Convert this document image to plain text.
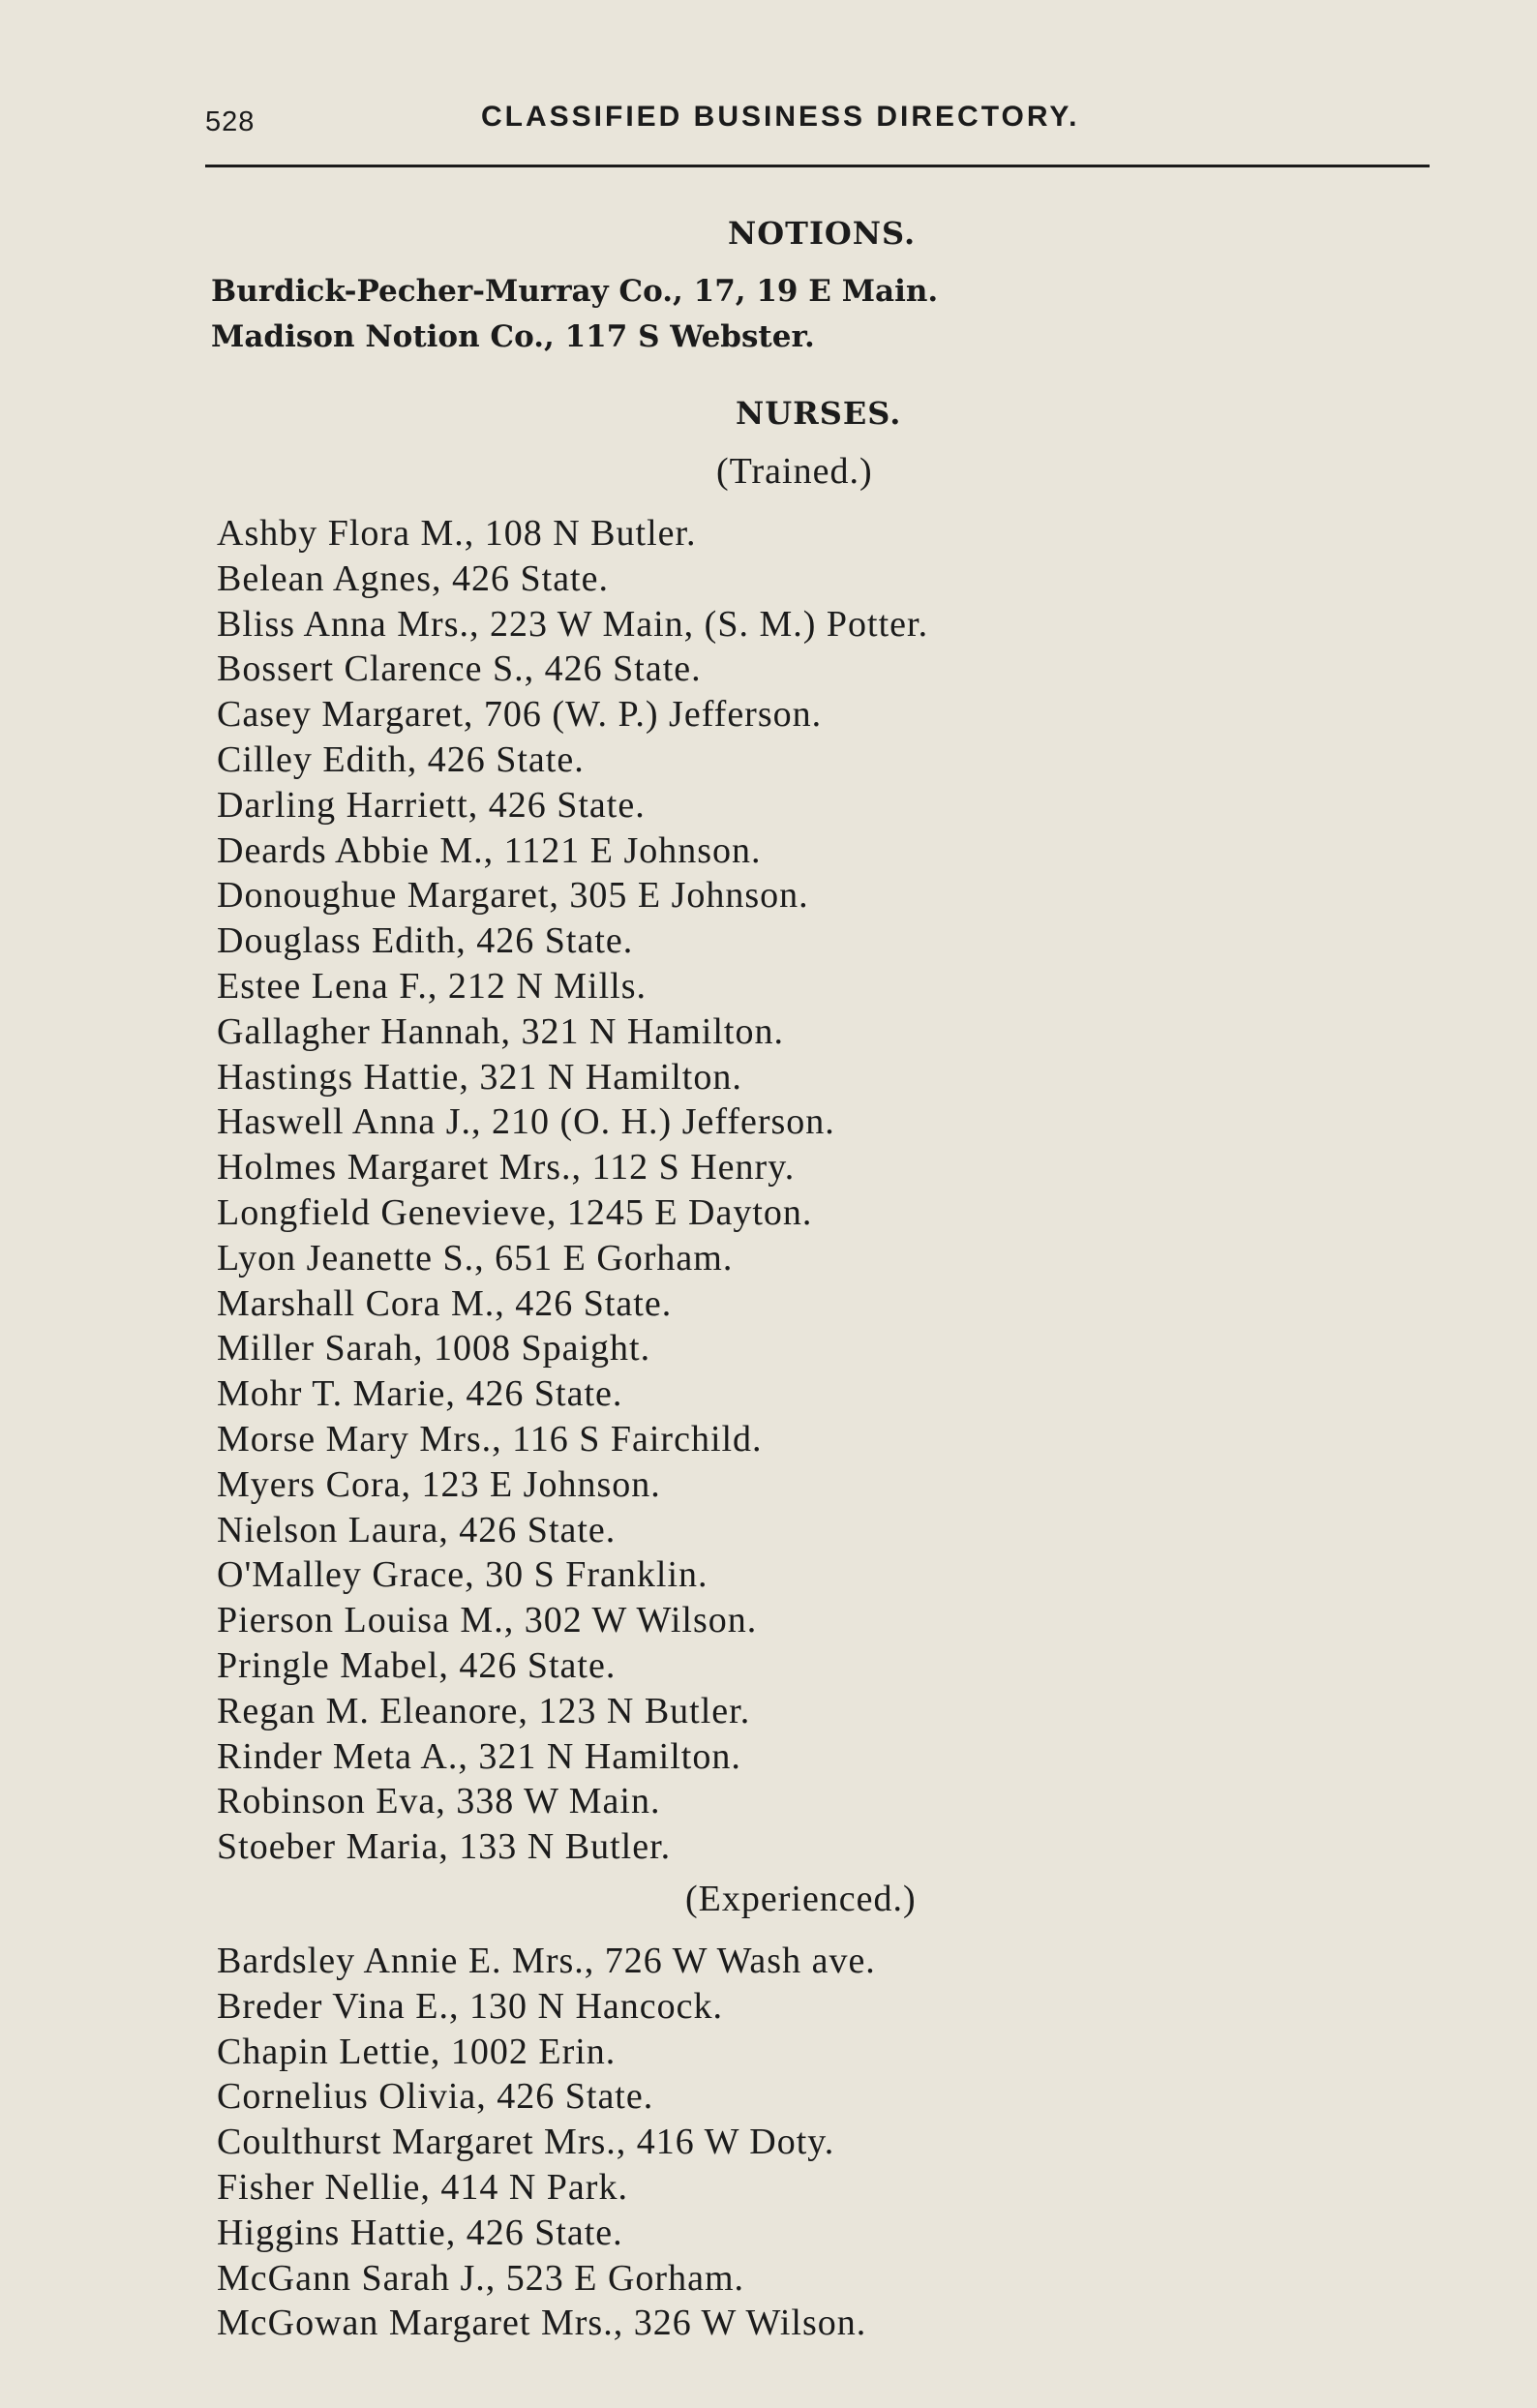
528	CLASSIFIED BUSINESS DIRECTORY.
NOTIONS.
Burdick-Pecher-Murray Co., 17, 19 E Main.
Madison Notion Co., 117 S Webster.
NURSES.
(Trained.)
Ashby Flora M., 108 N Butler.
Belean Agnes, 426 State.
Bliss Anna Mrs., 223 W Main, (S. M.) Potter.
Bossert Clarence S., 426 State.
Casey Margaret, 706 (W. P.) Jefferson.
Cilley Edith, 426 State.
Darling Harriett, 426 State.
Deards Abbie M., 1121 E Johnson.
Donoughue Margaret, 305 E Johnson.
Douglass Edith, 426 State.
Estee Lena F., 212 N Mills.
Gallagher Hannah, 321 N Hamilton.
Hastings Hattie, 321 N Hamilton.
Haswell Anna J., 210 (O. H.) Jefferson.
Holmes Margaret Mrs., 112 S Henry.
Longfield Genevieve, 1245 E Dayton.
Lyon Jeanette S., 651 E Gorham.
Marshall Cora M., 426 State.
Miller Sarah, 1008 Spaight.
Mohr T. Marie, 426 State.
Morse Mary Mrs., 116 S Fairchild.
Myers Cora, 123 E Johnson.
Nielson Laura, 426 State.
O'Malley Grace, 30 S Franklin.
Pierson Louisa M., 302 W Wilson.
Pringle Mabel, 426 State.
Regan M. Eleanore, 123 N Butler.
Rinder Meta A., 321 N Hamilton.
Robinson Eva, 338 W Main.
Stoeber Maria, 133 N Butler.
(Experienced.)
Bardsley Annie E. Mrs., 726 W Wash ave.
Breder Vina E., 130 N Hancock.
Chapin Lettie, 1002 Erin.
Cornelius Olivia, 426 State.
Coulthurst Margaret Mrs., 416 W Doty.
Fisher Nellie, 414 N Park.
Higgins Hattie, 426 State.
McGann Sarah J., 523 E Gorham.
McGowan Margaret Mrs., 326 W Wilson.
